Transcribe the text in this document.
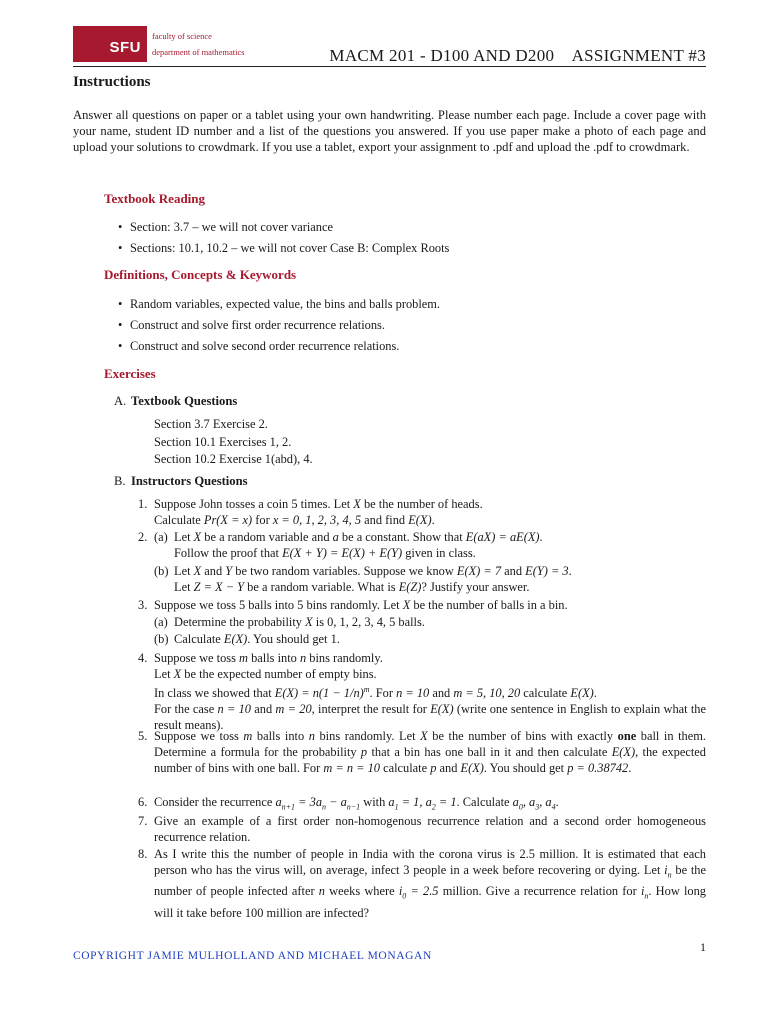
SFU
faculty of science
department of mathematics	MACM 201 - D100 AND D200    ASSIGNMENT #3
Instructions
Answer all questions on paper or a tablet using your own handwriting. Please number each page. Include a cover page with your name, student ID number and a list of the questions you answered. If you use paper make a photo of each page and upload your solutions to crowdmark. If you use a tablet, export your assignment to .pdf and upload the .pdf to crowdmark.
Textbook Reading
• Section: 3.7 – we will not cover variance
• Sections: 10.1, 10.2 – we will not cover Case B: Complex Roots
Definitions, Concepts & Keywords
• Random variables, expected value, the bins and balls problem.
• Construct and solve first order recurrence relations.
• Construct and solve second order recurrence relations.
Exercises
A. Textbook Questions
Section 3.7 Exercise 2.
Section 10.1 Exercises 1, 2.
Section 10.2 Exercise 1(abd), 4.
B. Instructors Questions
1. Suppose John tosses a coin 5 times. Let X be the number of heads.
Calculate Pr(X = x) for x = 0, 1, 2, 3, 4, 5 and find E(X).
2. (a) Let X be a random variable and a be a constant. Show that E(aX) = aE(X).
Follow the proof that E(X + Y) = E(X) + E(Y) given in class.
(b) Let X and Y be two random variables. Suppose we know E(X) = 7 and E(Y) = 3.
Let Z = X − Y be a random variable. What is E(Z)? Justify your answer.
3. Suppose we toss 5 balls into 5 bins randomly. Let X be the number of balls in a bin.
(a) Determine the probability X is 0, 1, 2, 3, 4, 5 balls.
(b) Calculate E(X). You should get 1.
4. Suppose we toss m balls into n bins randomly.
Let X be the expected number of empty bins.
In class we showed that $E(X) = n(1 - 1/n)^m$. For n = 10 and m = 5, 10, 20 calculate E(X).
For the case n = 10 and m = 20, interpret the result for E(X) (write one sentence in English to explain what the result means).
5. Suppose we toss m balls into n bins randomly. Let X be the number of bins with exactly one ball in them. Determine a formula for the probability p that a bin has one ball in it and then calculate E(X), the expected number of bins with one ball. For m = n = 10 calculate p and E(X). You should get p = 0.38742.
6. Consider the recurrence $a_{n+1} = 3a_n - a_{n-1}$ with $a_1 = 1$, $a_2 = 1$. Calculate $a_0$, $a_3$, $a_4$.
7. Give an example of a first order non-homogenous recurrence relation and a second order homogeneous recurrence relation.
8. As I write this the number of people in India with the corona virus is 2.5 million. It is estimated that each person who has the virus will, on average, infect 3 people in a week before recovering or dying. Let $i_n$ be the number of people infected after n weeks where $i_0 = 2.5$ million. Give a recurrence relation for $i_n$. How long will it take before 100 million are infected?
1
COPYRIGHT JAMIE MULHOLLAND AND MICHAEL MONAGAN
